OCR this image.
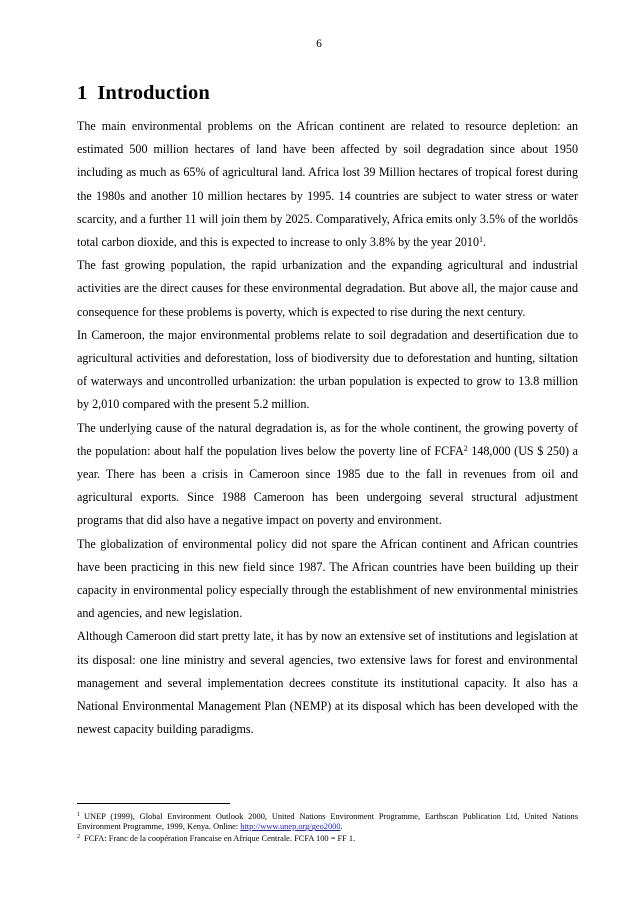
6
1 Introduction

The main environmental problems on the African continent are related to resource depletion: an estimated 500 million hectares of land have been affected by soil degradation since about 1950 including as much as 65% of agricultural land. Africa lost 39 Million hectares of tropical forest during the 1980s and another 10 million hectares by 1995. 14 countries are subject to water stress or water scarcity, and a further 11 will join them by 2025. Comparatively, Africa emits only 3.5% of the worldôs total carbon dioxide, and this is expected to increase to only 3.8% by the year 2010$^1$.

The fast growing population, the rapid urbanization and the expanding agricultural and industrial activities are the direct causes for these environmental degradation. But above all, the major cause and consequence for these problems is poverty, which is expected to rise during the next century.

In Cameroon, the major environmental problems relate to soil degradation and desertification due to agricultural activities and deforestation, loss of biodiversity due to deforestation and hunting, siltation of waterways and uncontrolled urbanization: the urban population is expected to grow to 13.8 million by 2,010 compared with the present 5.2 million.

The underlying cause of the natural degradation is, as for the whole continent, the growing poverty of the population: about half the population lives below the poverty line of FCFA$^2$ 148,000 (US $ 250) a year. There has been a crisis in Cameroon since 1985 due to the fall in revenues from oil and agricultural exports. Since 1988 Cameroon has been undergoing several structural adjustment programs that did also have a negative impact on poverty and environment.

The globalization of environmental policy did not spare the African continent and African countries have been practicing in this new field since 1987. The African countries have been building up their capacity in environmental policy especially through the establishment of new environmental ministries and agencies, and new legislation.

Although Cameroon did start pretty late, it has by now an extensive set of institutions and legislation at its disposal: one line ministry and several agencies, two extensive laws for forest and environmental management and several implementation decrees constitute its institutional capacity. It also has a National Environmental Management Plan (NEMP) at its disposal which has been developed with the newest capacity building paradigms.

$^1$ UNEP (1999), Global Environment Outlook 2000, United Nations Environment Programme, Earthscan Publication Ltd, United Nations Environment Programme, 1999, Kenya. Online: http://www.unep.org/geo2000.

$^2$ FCFA: Franc de la coopération Francaise en Afrique Centrale. FCFA 100 = FF 1.
